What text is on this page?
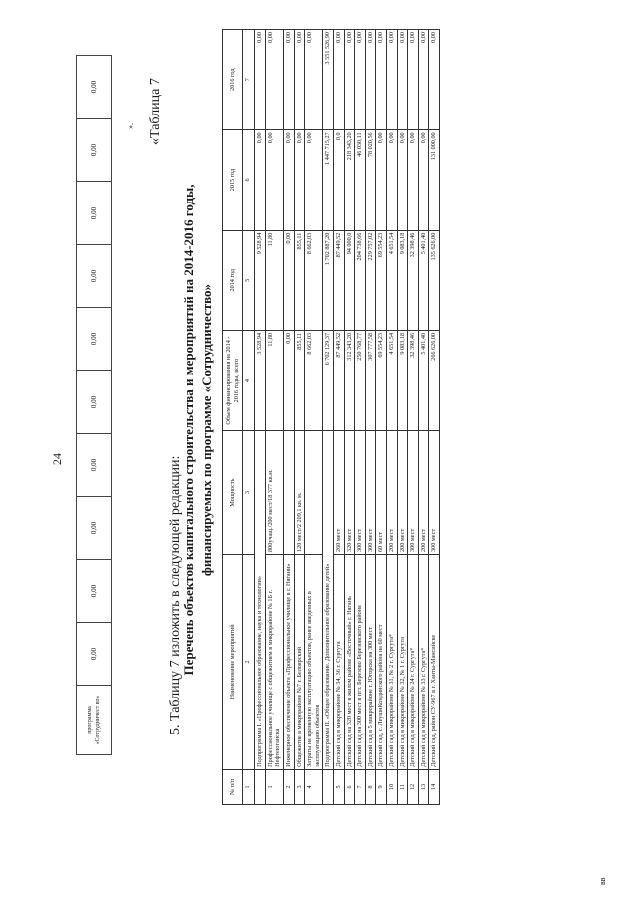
24
программа «Сотрудничест во»	0,00	0,00	0,00	0,00	0,00	0,00	0,00	0,00	0,00	0,00
».
5. Таблицу 7 изложить в следующей редакции:
«Таблица 7
Перечень объектов капитального строительства и мероприятий на 2014-2016 годы, финансируемых по программе «Сотрудничество»
№ п/п	Наименование мероприятий	Мощность	Объем финансирования на 2014 - 2016 годы, всего	2014 год	2015 год	2016 год
1	2	3	4	5	6	7
	Подпрограмма I. «Профессиональное образование, наука и технологии»		3 528,94	9 528,94	0,00	0,00
1	Профессиональное училище с общежитием в микрорайоне № 1Б г. Нефтеюганска	800учащ./200 мест/18 377 кв.м.	11,80	11,80	0,00	0,00
2	Инженерное обеспечение объекта «Профессиональное училище в г. Нягани»		0,00	0,00	0,00	0,00
3	Общежитие в микрорайоне №7 г. Белоярский	120 мест/2 209,1 кв. м.	855,11	855,11	0,00	0,00
4	Затраты на временную эксплуатацию объектов, ранее введенных в эксплуатацию объектов		8 662,03	8 662,03	0,00	0,00
	Подпрограмма II. «Общее образование. Дополнительное образование детей»		6 702 129,37	1 702 887,20	1 447 715,27	3 551 526,90
5	Детский сад в микрорайоне № 34, 36 г. Сургута	260 мест	87 449,52	87 449,52	0,0	0,00
6	Детский сад на 320 мест в жилом районе «Восточный» г. Нягань	320 мест	312 343,20	94 000,0	218 343,20	0,00
7	Детский сад на 300 мест в пгт. Березово Березовского района	300 мест	250 768,77	204 738,66	46 030,11	0,00
8	Детский сад в 5 микрорайоне г. Югорска на 300 мест	300 мест	307 777,58	229 757,02	78 020,56	0,00
9	Детский сад, с. ЛеушиКондинского района на 60 мест	60 мест	69 554,23	69 554,23	0,00	0,00
10	Детский сад в микрорайоне № 31, № 2 г. Сургута*	200 мест	4 651,54	4 651,54	0,00	0,00
11	Детский сад в микрорайоне № 32, № 1 г. Сургута	200 мест	9 083,18	9 083,18	0,00	0,00
12	Детский сад в микрорайоне № 24 г. Сургута*	300 мест	32 398,46	32 398,46	0,00	0,00
13	Детский сад в микрорайоне № 33 г. Сургута*	200 мест	5 401,40	5 401,40	0,00	0,00
14	Детский сад, район СУ-967 в г. Ханты-Мансийске	300 мест	266 626,00	135 626,00	131 000,00	0,00
вв
